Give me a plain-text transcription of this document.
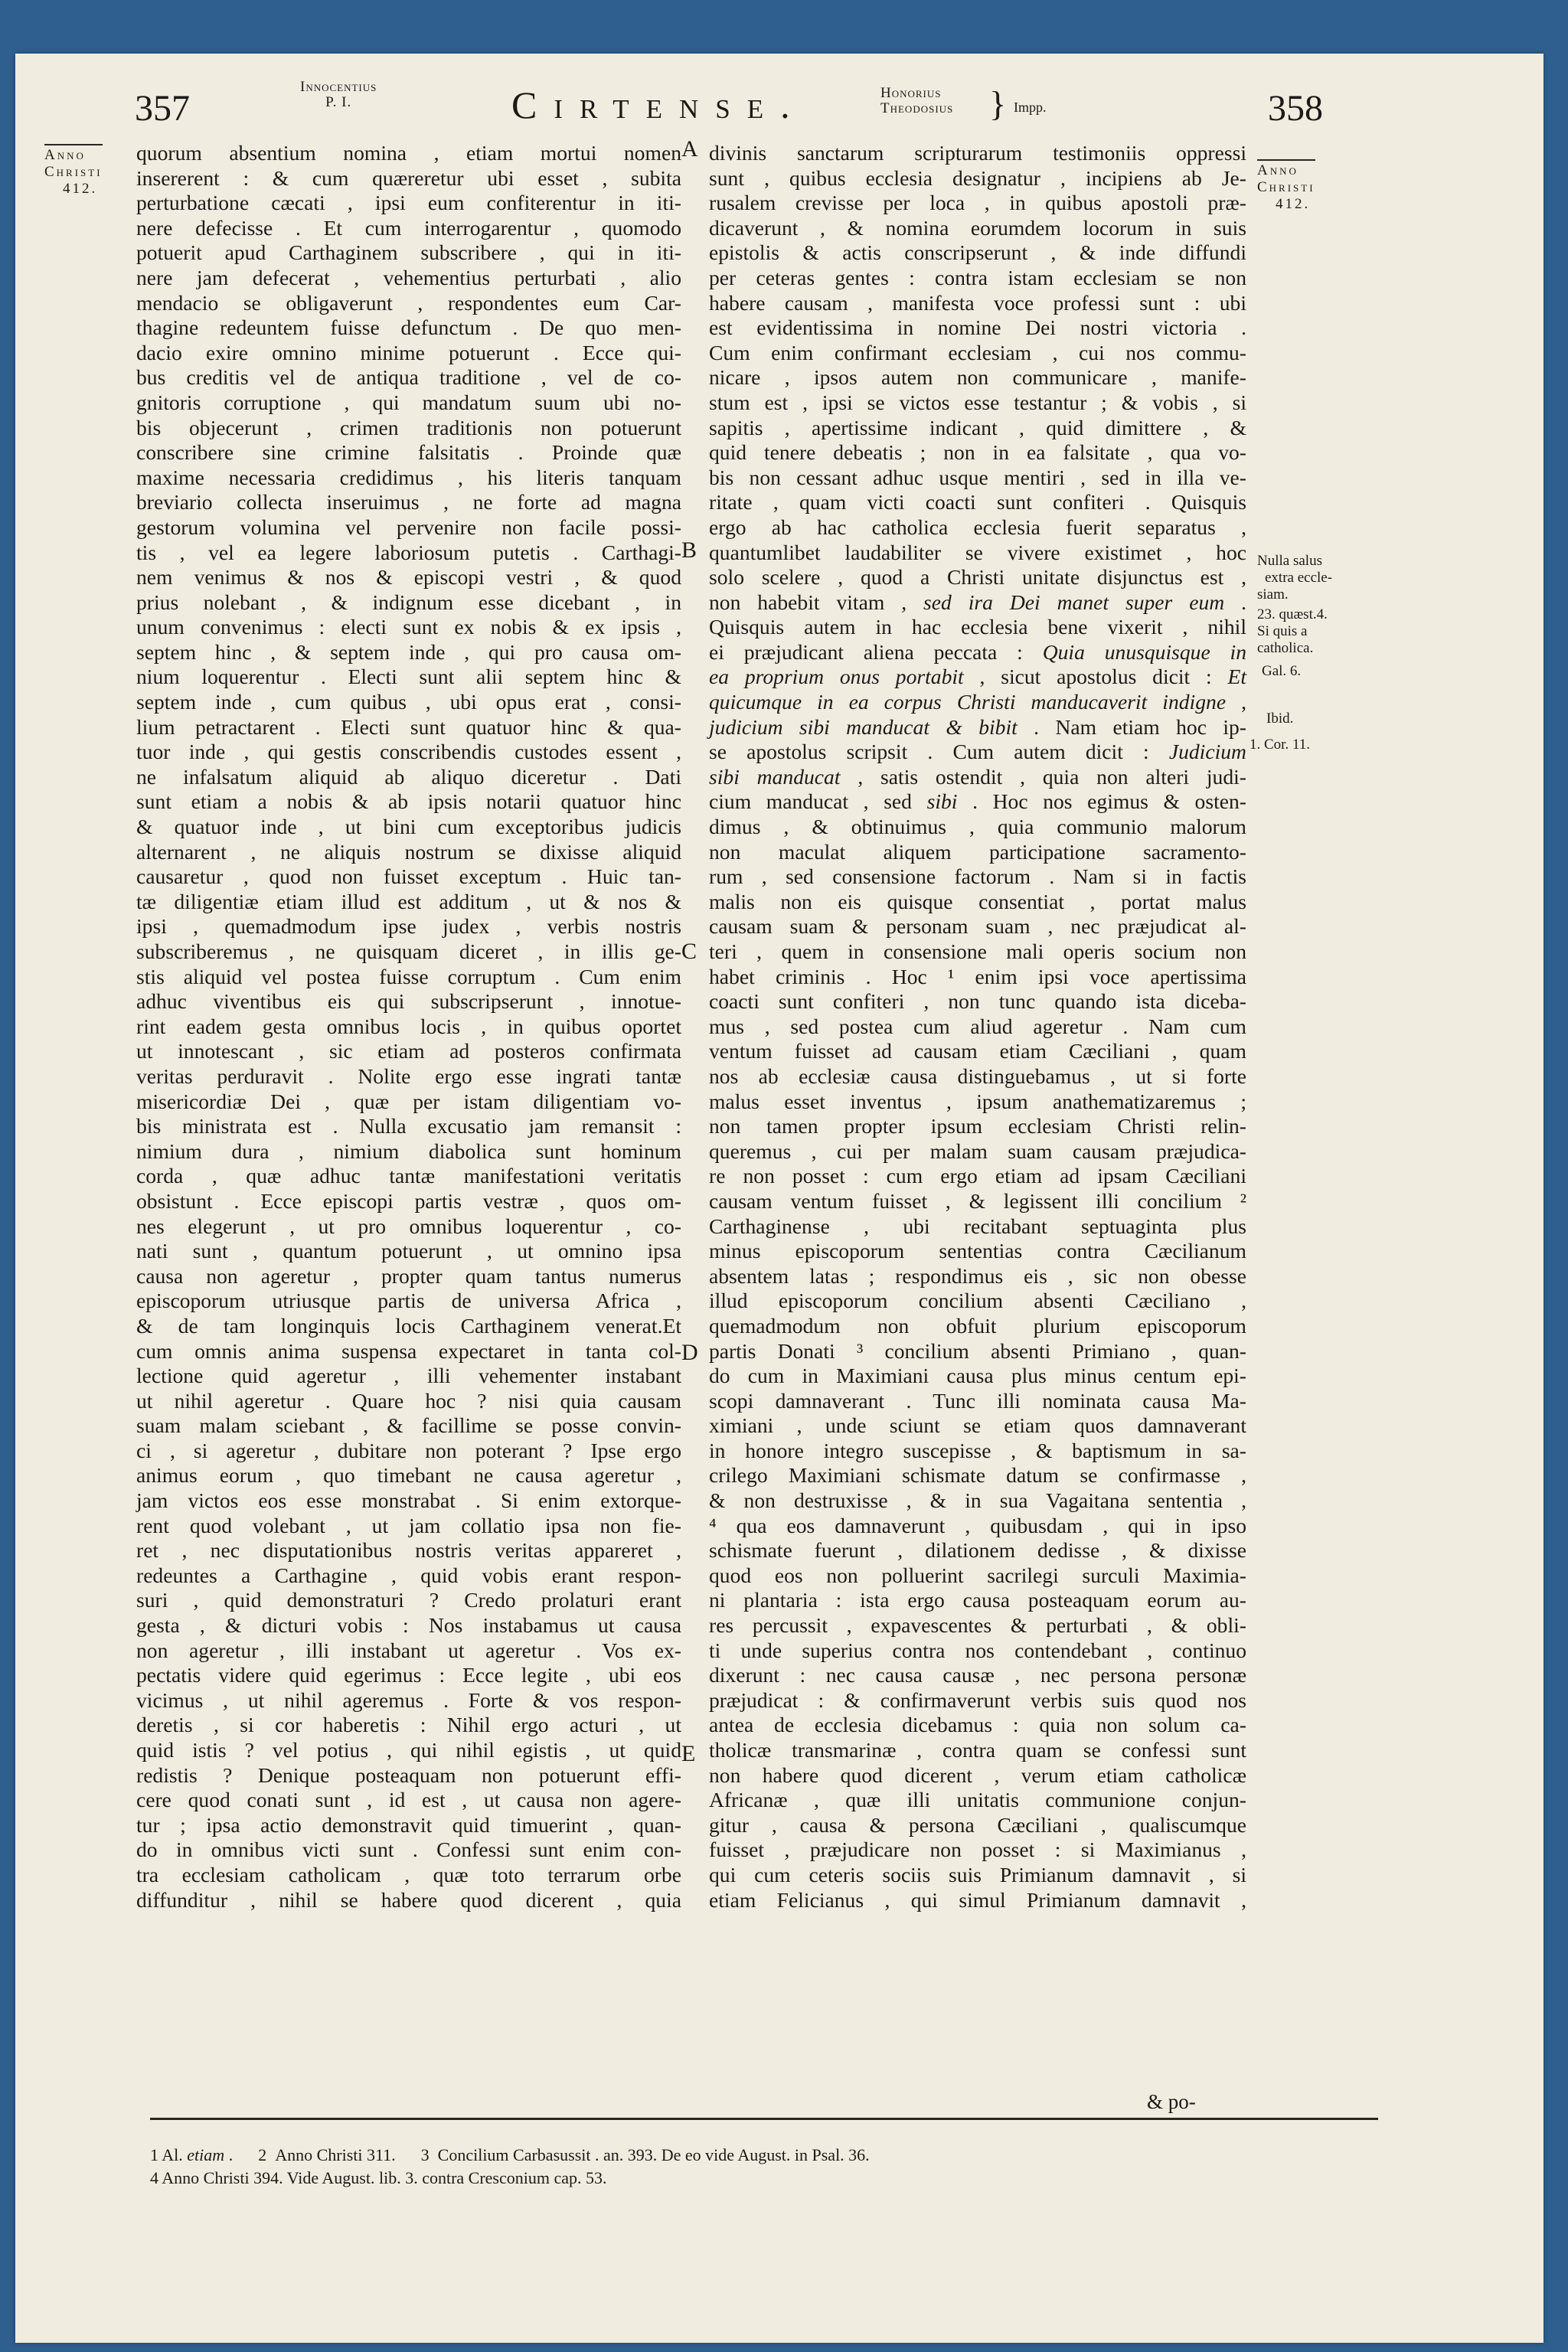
357
Innocentius
P. I.	Cirtense.	Honorius
Theodosius } Impp.	358
Anno
Christi
412.
quorum absentium nomina , etiam mortui nomen
insererent : & cum quæreretur ubi esset , subita
perturbatione cæcati , ipsi eum confiterentur in iti-
nere defecisse . Et cum interrogarentur , quomodo
potuerit apud Carthaginem subscribere , qui in iti-
nere jam defecerat , vehementius perturbati , alio
mendacio se obligaverunt , respondentes eum Car-
thagine redeuntem fuisse defunctum . De quo men-
dacio exire omnino minime potuerunt . Ecce qui-
bus creditis vel de antiqua traditione , vel de co-
gnitoris corruptione , qui mandatum suum ubi no-
bis objecerunt , crimen traditionis non potuerunt
conscribere sine crimine falsitatis . Proinde quæ
maxime necessaria credidimus , his literis tanquam
breviario collecta inseruimus , ne forte ad magna
gestorum volumina vel pervenire non facile possi-
tis , vel ea legere laboriosum putetis . Carthagi-
nem venimus & nos & episcopi vestri , & quod
prius nolebant , & indignum esse dicebant , in
unum convenimus : electi sunt ex nobis & ex ipsis ,
septem hinc , & septem inde , qui pro causa om-
nium loquerentur . Electi sunt alii septem hinc &
septem inde , cum quibus , ubi opus erat , consi-
lium petractarent . Electi sunt quatuor hinc & qua-
tuor inde , qui gestis conscribendis custodes essent ,
ne infalsatum aliquid ab aliquo diceretur . Dati
sunt etiam a nobis & ab ipsis notarii quatuor hinc
& quatuor inde , ut bini cum exceptoribus judicis
alternarent , ne aliquis nostrum se dixisse aliquid
causaretur , quod non fuisset exceptum . Huic tan-
tæ diligentiæ etiam illud est additum , ut & nos &
ipsi , quemadmodum ipse judex , verbis nostris
subscriberemus , ne quisquam diceret , in illis ge-
stis aliquid vel postea fuisse corruptum . Cum enim
adhuc viventibus eis qui subscripserunt , innotue-
rint eadem gesta omnibus locis , in quibus oportet
ut innotescant , sic etiam ad posteros confirmata
veritas perduravit . Nolite ergo esse ingrati tantæ
misericordiæ Dei , quæ per istam diligentiam vo-
bis ministrata est . Nulla excusatio jam remansit :
nimium dura , nimium diabolica sunt hominum
corda , quæ adhuc tantæ manifestationi veritatis
obsistunt . Ecce episcopi partis vestræ , quos om-
nes elegerunt , ut pro omnibus loquerentur , co-
nati sunt , quantum potuerunt , ut omnino ipsa
causa non ageretur , propter quam tantus numerus
episcoporum utriusque partis de universa Africa ,
& de tam longinquis locis Carthaginem venerat.Et
cum omnis anima suspensa expectaret in tanta col-
lectione quid ageretur , illi vehementer instabant
ut nihil ageretur . Quare hoc ? nisi quia causam
suam malam sciebant , & facillime se posse convin-
ci , si ageretur , dubitare non poterant ? Ipse ergo
animus eorum , quo timebant ne causa ageretur ,
jam victos eos esse monstrabat . Si enim extorque-
rent quod volebant , ut jam collatio ipsa non fie-
ret , nec disputationibus nostris veritas appareret ,
redeuntes a Carthagine , quid vobis erant respon-
suri , quid demonstraturi ? Credo prolaturi erant
gesta , & dicturi vobis : Nos instabamus ut causa
non ageretur , illi instabant ut ageretur . Vos ex-
pectatis videre quid egerimus : Ecce legite , ubi eos
vicimus , ut nihil ageremus . Forte & vos respon-
deretis , si cor haberetis : Nihil ergo acturi , ut
quid istis ? vel potius , qui nihil egistis , ut quid
redistis ? Denique posteaquam non potuerunt effi-
cere quod conati sunt , id est , ut causa non agere-
tur ; ipsa actio demonstravit quid timuerint , quan-
do in omnibus victi sunt . Confessi sunt enim con-
tra ecclesiam catholicam , quæ toto terrarum orbe
diffunditur , nihil se habere quod dicerent , quia
A
B
C
D
E
divinis sanctarum scripturarum testimoniis oppressi
sunt , quibus ecclesia designatur , incipiens ab Je-
rusalem crevisse per loca , in quibus apostoli præ-
dicaverunt , & nomina eorumdem locorum in suis
epistolis & actis conscripserunt , & inde diffundi
per ceteras gentes : contra istam ecclesiam se non
habere causam , manifesta voce professi sunt : ubi
est evidentissima in nomine Dei nostri victoria .
Cum enim confirmant ecclesiam , cui nos commu-
nicare , ipsos autem non communicare , manife-
stum est , ipsi se victos esse testantur ; & vobis , si
sapitis , apertissime indicant , quid dimittere , &
quid tenere debeatis ; non in ea falsitate , qua vo-
bis non cessant adhuc usque mentiri , sed in illa ve-
ritate , quam victi coacti sunt confiteri . Quisquis
ergo ab hac catholica ecclesia fuerit separatus ,
quantumlibet laudabiliter se vivere existimet , hoc
solo scelere , quod a Christi unitate disjunctus est ,
non habebit vitam , sed ira Dei manet super eum .
Quisquis autem in hac ecclesia bene vixerit , nihil
ei præjudicant aliena peccata : Quia unusquisque in
ea proprium onus portabit , sicut apostolus dicit : Et
quicumque in ea corpus Christi manducaverit indigne ,
judicium sibi manducat & bibit . Nam etiam hoc ip-
se apostolus scripsit . Cum autem dicit : Judicium
sibi manducat , satis ostendit , quia non alteri judi-
cium manducat , sed sibi . Hoc nos egimus & osten-
dimus , & obtinuimus , quia communio malorum
non maculat aliquem participatione sacramento-
rum , sed consensione factorum . Nam si in factis
malis non eis quisque consentiat , portat malus
causam suam & personam suam , nec præjudicat al-
teri , quem in consensione mali operis socium non
habet criminis . Hoc ¹ enim ipsi voce apertissima
coacti sunt confiteri , non tunc quando ista diceba-
mus , sed postea cum aliud ageretur . Nam cum
ventum fuisset ad causam etiam Cæciliani , quam
nos ab ecclesiæ causa distinguebamus , ut si forte
malus esset inventus , ipsum anathematizaremus ;
non tamen propter ipsum ecclesiam Christi relin-
queremus , cui per malam suam causam præjudica-
re non posset : cum ergo etiam ad ipsam Cæciliani
causam ventum fuisset , & legissent illi concilium ²
Carthaginense , ubi recitabant septuaginta plus
minus episcoporum sententias contra Cæcilianum
absentem latas ; respondimus eis , sic non obesse
illud episcoporum concilium absenti Cæciliano ,
quemadmodum non obfuit plurium episcoporum
partis Donati ³ concilium absenti Primiano , quan-
do cum in Maximiani causa plus minus centum epi-
scopi damnaverant . Tunc illi nominata causa Ma-
ximiani , unde sciunt se etiam quos damnaverant
in honore integro suscepisse , & baptismum in sa-
crilego Maximiani schismate datum se confirmasse ,
& non destruxisse , & in sua Vagaitana sententia ,
⁴ qua eos damnaverunt , quibusdam , qui in ipso
schismate fuerunt , dilationem dedisse , & dixisse
quod eos non polluerint sacrilegi surculi Maximia-
ni plantaria : ista ergo causa posteaquam eorum au-
res percussit , expavescentes & perturbati , & obli-
ti unde superius contra nos contendebant , continuo
dixerunt : nec causa causæ , nec persona personæ
præjudicat : & confirmaverunt verbis suis quod nos
antea de ecclesia dicebamus : quia non solum ca-
tholicæ transmarinæ , contra quam se confessi sunt
non habere quod dicerent , verum etiam catholicæ
Africanæ , quæ illi unitatis communione conjun-
gitur , causa & persona Cæciliani , qualiscumque
fuisset , præjudicare non posset : si Maximianus ,
qui cum ceteris sociis suis Primianum damnavit , si
etiam Felicianus , qui simul Primianum damnavit ,
Anno
Christi
412.
Nulla salus
extra eccle-
siam.
23. quæst.4.
Si quis a
catholica.
Gal. 6.
Ibid.
1. Cor. 11.
& po-
1 Al. etiam .      2  Anno Christi 311.      3  Concilium Carbasussit . an. 393. De eo vide August. in Psal. 36.
4 Anno Christi 394. Vide August. lib. 3. contra Cresconium cap. 53.
